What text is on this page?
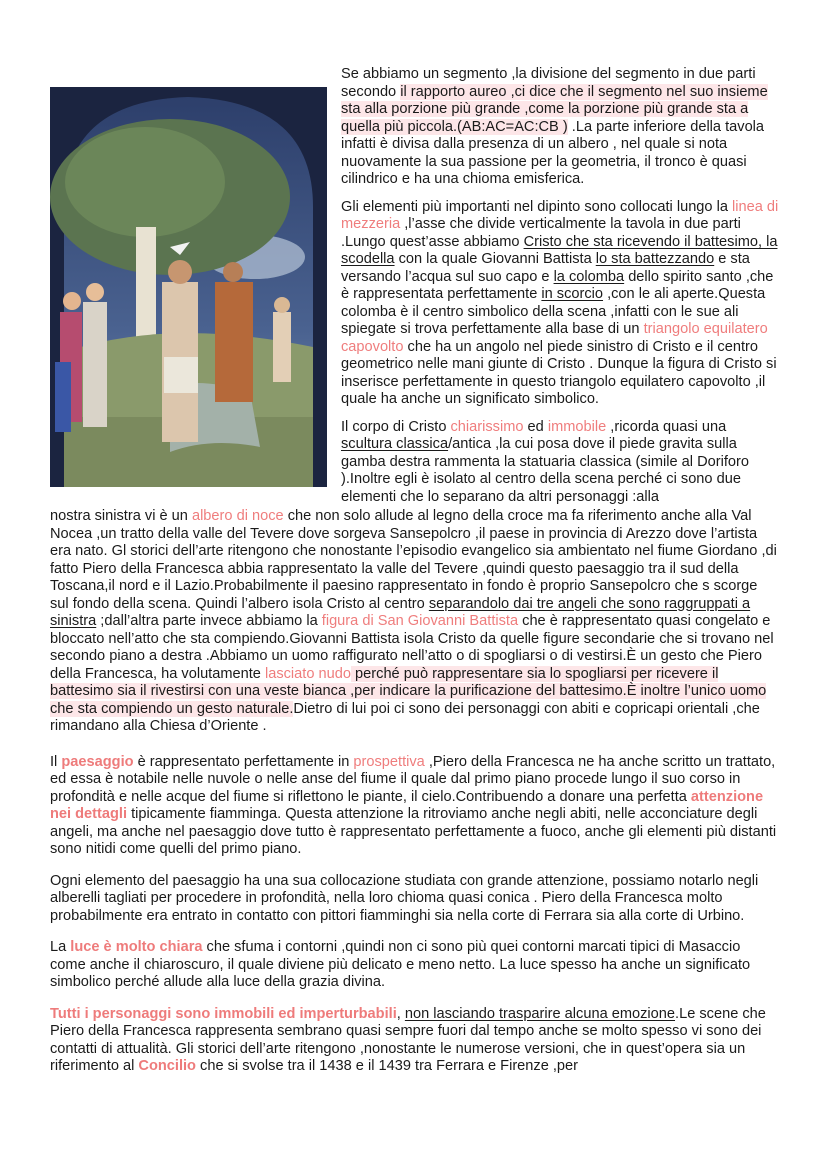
Se abbiamo un segmento ,la divisione del segmento in due parti secondo il rapporto aureo ,ci dice che il segmento nel suo insieme sta alla porzione più grande ,come la porzione più grande sta a quella più piccola.(AB:AC=AC:CB ) .La parte inferiore della tavola infatti è divisa dalla presenza di un albero , nel quale si nota nuovamente la sua passione per la geometria, il tronco è quasi cilindrico e ha una chioma emisferica.

Gli elementi più importanti nel dipinto sono collocati lungo la linea di mezzeria ,l’asse che divide verticalmente la tavola in due parti .Lungo quest’asse abbiamo Cristo che sta ricevendo il battesimo, la scodella con la quale Giovanni Battista lo sta battezzando e sta versando l’acqua sul suo capo e la colomba dello spirito santo ,che è rappresentata perfettamente in scorcio ,con le ali aperte.Questa colomba è il centro simbolico della scena ,infatti con le sue ali spiegate si trova perfettamente alla base di un triangolo equilatero capovolto che ha un angolo nel piede sinistro di Cristo e il centro geometrico nelle mani giunte di Cristo . Dunque la figura di Cristo si inserisce perfettamente in questo triangolo equilatero capovolto ,il quale ha anche un significato simbolico.

Il corpo di Cristo chiarissimo ed immobile ,ricorda quasi una scultura classica/antica ,la cui posa dove il piede gravita sulla gamba destra rammenta la statuaria classica (simile al Doriforo ).Inoltre egli è isolato al centro della scena perché ci sono due elementi che lo separano da altri personaggi :alla

nostra sinistra vi è un albero di noce che non solo allude al legno della croce ma fa riferimento anche alla Val Nocea ,un tratto della valle del Tevere dove sorgeva Sansepolcro ,il paese in provincia di Arezzo dove l’artista era nato. Gl storici dell’arte ritengono che nonostante l’episodio evangelico sia ambientato nel fiume Giordano ,di fatto Piero della Francesca abbia rappresentato la valle del Tevere ,quindi questo paesaggio tra il sud della Toscana,il nord e il Lazio.Probabilmente il paesino rappresentato in fondo è proprio Sansepolcro che s scorge sul fondo della scena. Quindi l’albero isola Cristo al centro separandolo dai tre angeli che sono raggruppati a sinistra ;dall’altra parte invece abbiamo la figura di San Giovanni Battista che è rappresentato quasi congelato e bloccato nell’atto che sta compiendo.Giovanni Battista isola Cristo da quelle figure secondarie che si trovano nel secondo piano a destra .Abbiamo un uomo raffigurato nell’atto o di spogliarsi o di vestirsi.È un gesto che Piero della Francesca, ha volutamente lasciato nudo perché può rappresentare sia lo spogliarsi per ricevere il battesimo sia il rivestirsi con una veste bianca ,per indicare la purificazione del battesimo.È inoltre l’unico uomo che sta compiendo un gesto naturale.Dietro di lui poi ci sono dei personaggi con abiti e copricapi orientali ,che rimandano alla Chiesa d’Oriente .

Il paesaggio è rappresentato perfettamente in prospettiva ,Piero della Francesca ne ha anche scritto un trattato, ed essa è notabile nelle nuvole o nelle anse del fiume il quale dal primo piano procede lungo il suo corso in profondità e nelle acque del fiume si riflettono le piante, il cielo.Contribuendo a donare una perfetta attenzione nei dettagli tipicamente fiamminga. Questa attenzione la ritroviamo anche negli abiti, nelle acconciature degli angeli, ma anche nel paesaggio dove tutto è rappresentato perfettamente a fuoco, anche gli elementi più distanti sono nitidi come quelli del primo piano.

Ogni elemento del paesaggio ha una sua collocazione studiata con grande attenzione, possiamo notarlo negli alberelli tagliati per procedere in profondità, nella loro chioma quasi conica . Piero della Francesca molto probabilmente era entrato in contatto con pittori fiamminghi sia nella corte di Ferrara sia alla corte di Urbino.

La luce è molto chiara che sfuma i contorni ,quindi non ci sono più quei contorni marcati tipici di Masaccio come anche il chiaroscuro, il quale diviene più delicato e meno netto. La luce spesso ha anche un significato simbolico perché allude alla luce della grazia divina.

Tutti i personaggi sono immobili ed imperturbabili, non lasciando trasparire alcuna emozione.Le scene che Piero della Francesca rappresenta sembrano quasi sempre fuori dal tempo anche se molto spesso vi sono dei contatti di attualità. Gli storici dell’arte ritengono ,nonostante le numerose versioni, che in quest’opera sia un riferimento al Concilio che si svolse tra il 1438 e il 1439 tra Ferrara e Firenze ,per
